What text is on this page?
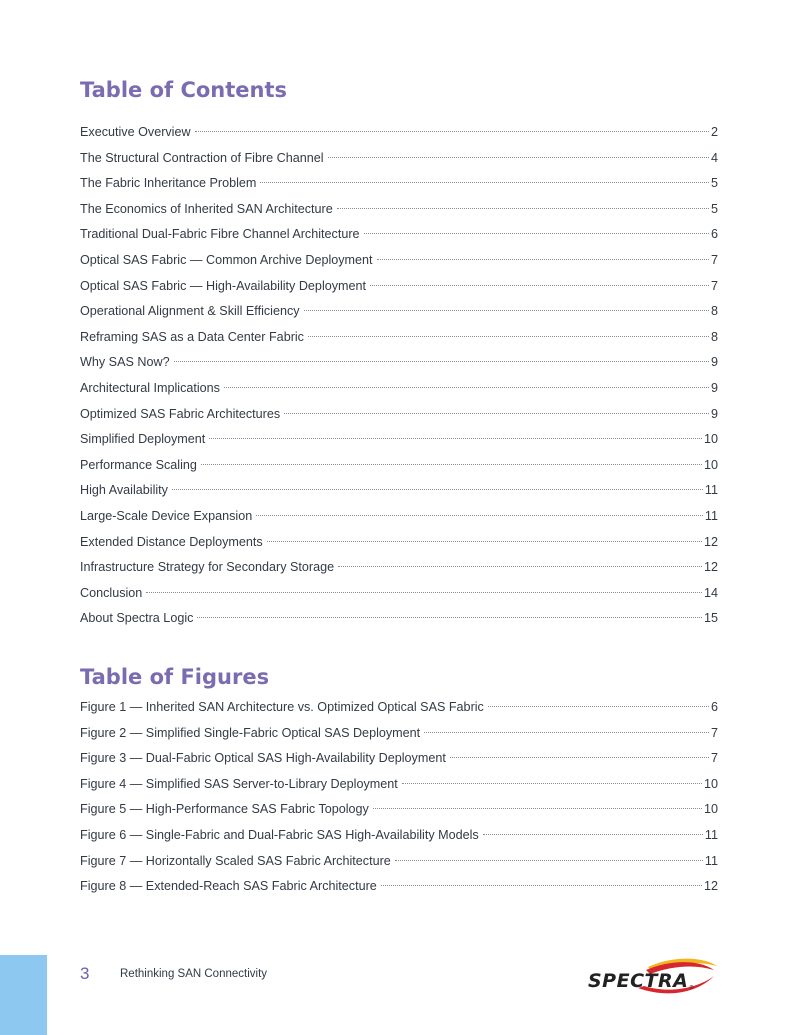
Table of Contents
Executive Overview	2
The Structural Contraction of Fibre Channel	4
The Fabric Inheritance Problem	5
The Economics of Inherited SAN Architecture	5
Traditional Dual-Fabric Fibre Channel Architecture	6
Optical SAS Fabric — Common Archive Deployment	7
Optical SAS Fabric — High-Availability Deployment	7
Operational Alignment & Skill Efficiency	8
Reframing SAS as a Data Center Fabric	8
Why SAS Now?	9
Architectural Implications	9
Optimized SAS Fabric Architectures	9
Simplified Deployment	10
Performance Scaling	10
High Availability	11
Large-Scale Device Expansion	11
Extended Distance Deployments	12
Infrastructure Strategy for Secondary Storage	12
Conclusion	14
About Spectra Logic	15
Table of Figures
Figure 1 — Inherited SAN Architecture vs. Optimized Optical SAS Fabric	6
Figure 2 — Simplified Single-Fabric Optical SAS Deployment	7
Figure 3 — Dual-Fabric Optical SAS High-Availability Deployment	7
Figure 4 — Simplified SAS Server-to-Library Deployment	10
Figure 5 — High-Performance SAS Fabric Topology	10
Figure 6 — Single-Fabric and Dual-Fabric SAS High-Availability Models	11
Figure 7 — Horizontally Scaled SAS Fabric Architecture	11
Figure 8 — Extended-Reach SAS Fabric Architecture	12
3	Rethinking SAN Connectivity	SPECTRA ®
